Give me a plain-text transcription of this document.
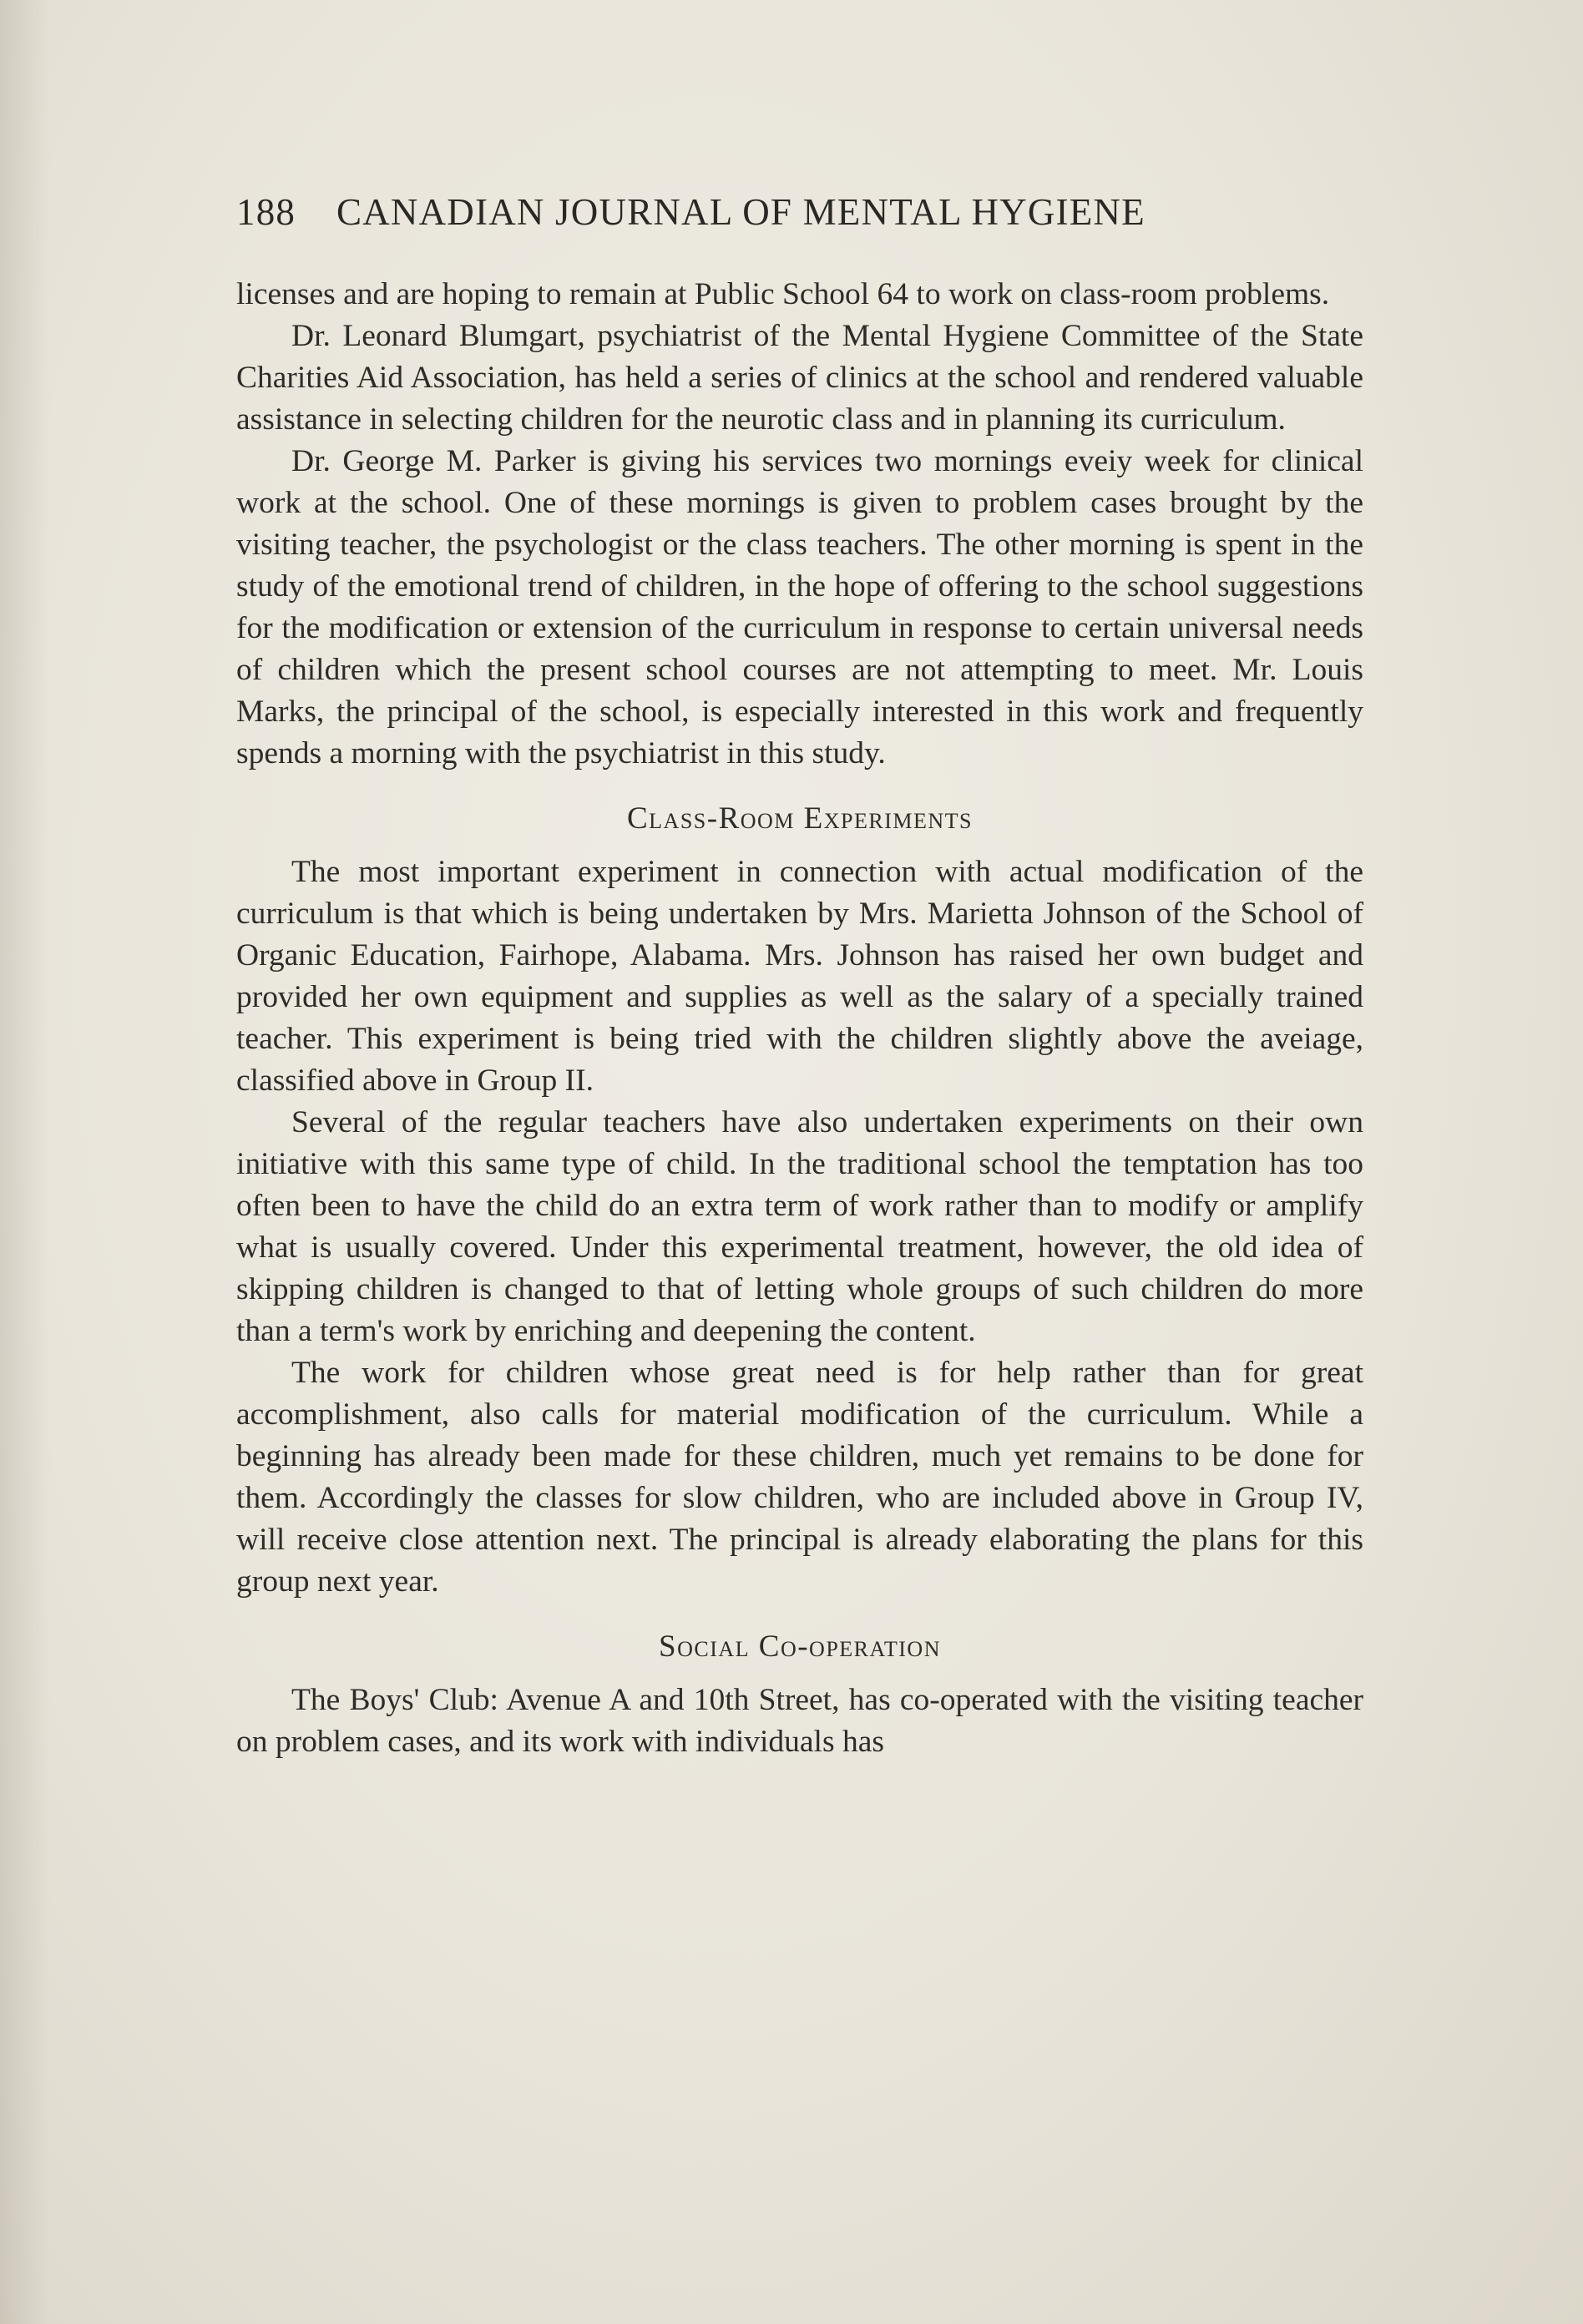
188 CANADIAN JOURNAL OF MENTAL HYGIENE

licenses and are hoping to remain at Public School 64 to work on class-room problems.

Dr. Leonard Blumgart, psychiatrist of the Mental Hygiene Committee of the State Charities Aid Association, has held a series of clinics at the school and rendered valuable assistance in selecting children for the neurotic class and in planning its curriculum.

Dr. George M. Parker is giving his services two mornings eveiy week for clinical work at the school. One of these mornings is given to problem cases brought by the visiting teacher, the psychologist or the class teachers. The other morning is spent in the study of the emotional trend of children, in the hope of offering to the school suggestions for the modification or extension of the curriculum in response to certain universal needs of children which the present school courses are not attempting to meet. Mr. Louis Marks, the principal of the school, is especially interested in this work and frequently spends a morning with the psychiatrist in this study.

Class-Room Experiments

The most important experiment in connection with actual modification of the curriculum is that which is being undertaken by Mrs. Marietta Johnson of the School of Organic Education, Fairhope, Alabama. Mrs. Johnson has raised her own budget and provided her own equipment and supplies as well as the salary of a specially trained teacher. This experiment is being tried with the children slightly above the aveiage, classified above in Group II.

Several of the regular teachers have also undertaken experiments on their own initiative with this same type of child. In the traditional school the temptation has too often been to have the child do an extra term of work rather than to modify or amplify what is usually covered. Under this experimental treatment, however, the old idea of skipping children is changed to that of letting whole groups of such children do more than a term's work by enriching and deepening the content.

The work for children whose great need is for help rather than for great accomplishment, also calls for material modification of the curriculum. While a beginning has already been made for these children, much yet remains to be done for them. Accordingly the classes for slow children, who are included above in Group IV, will receive close attention next. The principal is already elaborating the plans for this group next year.

Social Co-operation

The Boys' Club: Avenue A and 10th Street, has co-operated with the visiting teacher on problem cases, and its work with individuals has
